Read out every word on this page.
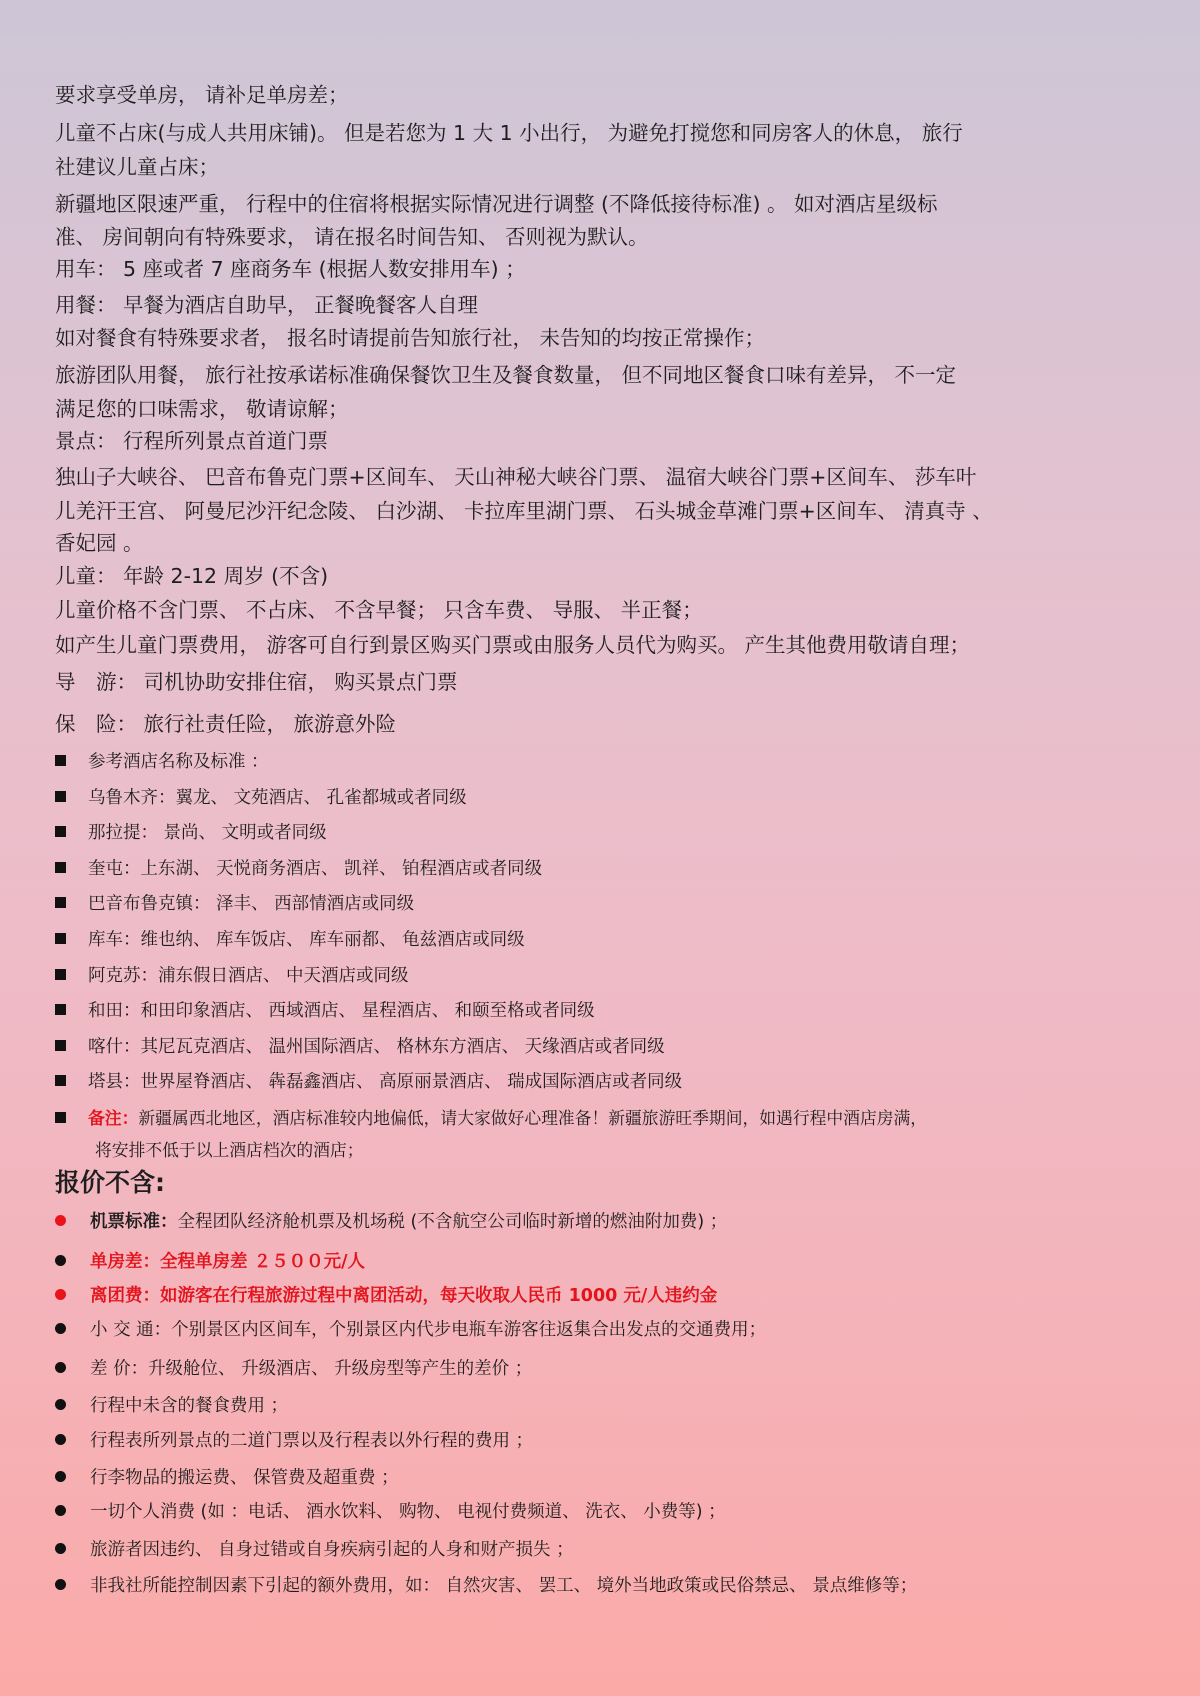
要求享受单房， 请补足单房差；
儿童不占床(与成人共用床铺)。 但是若您为 1 大 1 小出行， 为避免打搅您和同房客人的休息， 旅行
社建议儿童占床；
新疆地区限速严重， 行程中的住宿将根据实际情况进行调整 (不降低接待标准) 。 如对酒店星级标
准、 房间朝向有特殊要求， 请在报名时间告知、 否则视为默认。
用车： 5 座或者 7 座商务车 (根据人数安排用车) ；
用餐： 早餐为酒店自助早， 正餐晚餐客人自理
如对餐食有特殊要求者， 报名时请提前告知旅行社， 未告知的均按正常操作；
旅游团队用餐， 旅行社按承诺标准确保餐饮卫生及餐食数量， 但不同地区餐食口味有差异， 不一定
满足您的口味需求， 敬请谅解；
景点： 行程所列景点首道门票
独山子大峡谷、 巴音布鲁克门票+区间车、 天山神秘大峡谷门票、 温宿大峡谷门票+区间车、 莎车叶
儿羌汗王宫、 阿曼尼沙汗纪念陵、 白沙湖、 卡拉库里湖门票、 石头城金草滩门票+区间车、 清真寺 、
香妃园 。
儿童： 年龄 2-12 周岁 (不含)
儿童价格不含门票、 不占床、 不含早餐； 只含车费、 导服、 半正餐；
如产生儿童门票费用， 游客可自行到景区购买门票或由服务人员代为购买。 产生其他费用敬请自理；
导　游： 司机协助安排住宿， 购买景点门票
保　险： 旅行社责任险， 旅游意外险
参考酒店名称及标准 ：
乌鲁木齐：翼龙、 文苑酒店、 孔雀都城或者同级
那拉提： 景尚、 文明或者同级
奎屯：上东湖、 天悦商务酒店、 凯祥、 铂程酒店或者同级
巴音布鲁克镇： 泽丰、 西部情酒店或同级
库车：维也纳、 库车饭店、 库车丽都、 龟兹酒店或同级
阿克苏：浦东假日酒店、 中天酒店或同级
和田：和田印象酒店、 西域酒店、 星程酒店、 和颐至格或者同级
喀什：其尼瓦克酒店、 温州国际酒店、 格林东方酒店、 天缘酒店或者同级
塔县：世界屋脊酒店、 犇磊鑫酒店、 高原丽景酒店、 瑞成国际酒店或者同级
备注：新疆属西北地区，酒店标准较内地偏低，请大家做好心理准备！新疆旅游旺季期间，如遇行程中酒店房满，
将安排不低于以上酒店档次的酒店；
报价不含:
机票标准：全程团队经济舱机票及机场税 (不含航空公司临时新增的燃油附加费) ；
单房差：全程单房差 ２５００元/人
离团费：如游客在行程旅游过程中离团活动，每天收取人民币 1000 元/人违约金
小 交 通：个别景区内区间车，个别景区内代步电瓶车游客往返集合出发点的交通费用；
差 价：升级舱位、 升级酒店、 升级房型等产生的差价 ；
行程中未含的餐食费用 ；
行程表所列景点的二道门票以及行程表以外行程的费用 ；
行李物品的搬运费、 保管费及超重费 ；
一切个人消费 (如 ：电话、 酒水饮料、 购物、 电视付费频道、 洗衣、 小费等) ；
旅游者因违约、 自身过错或自身疾病引起的人身和财产损失 ；
非我社所能控制因素下引起的额外费用，如： 自然灾害、 罢工、 境外当地政策或民俗禁忌、 景点维修等；
